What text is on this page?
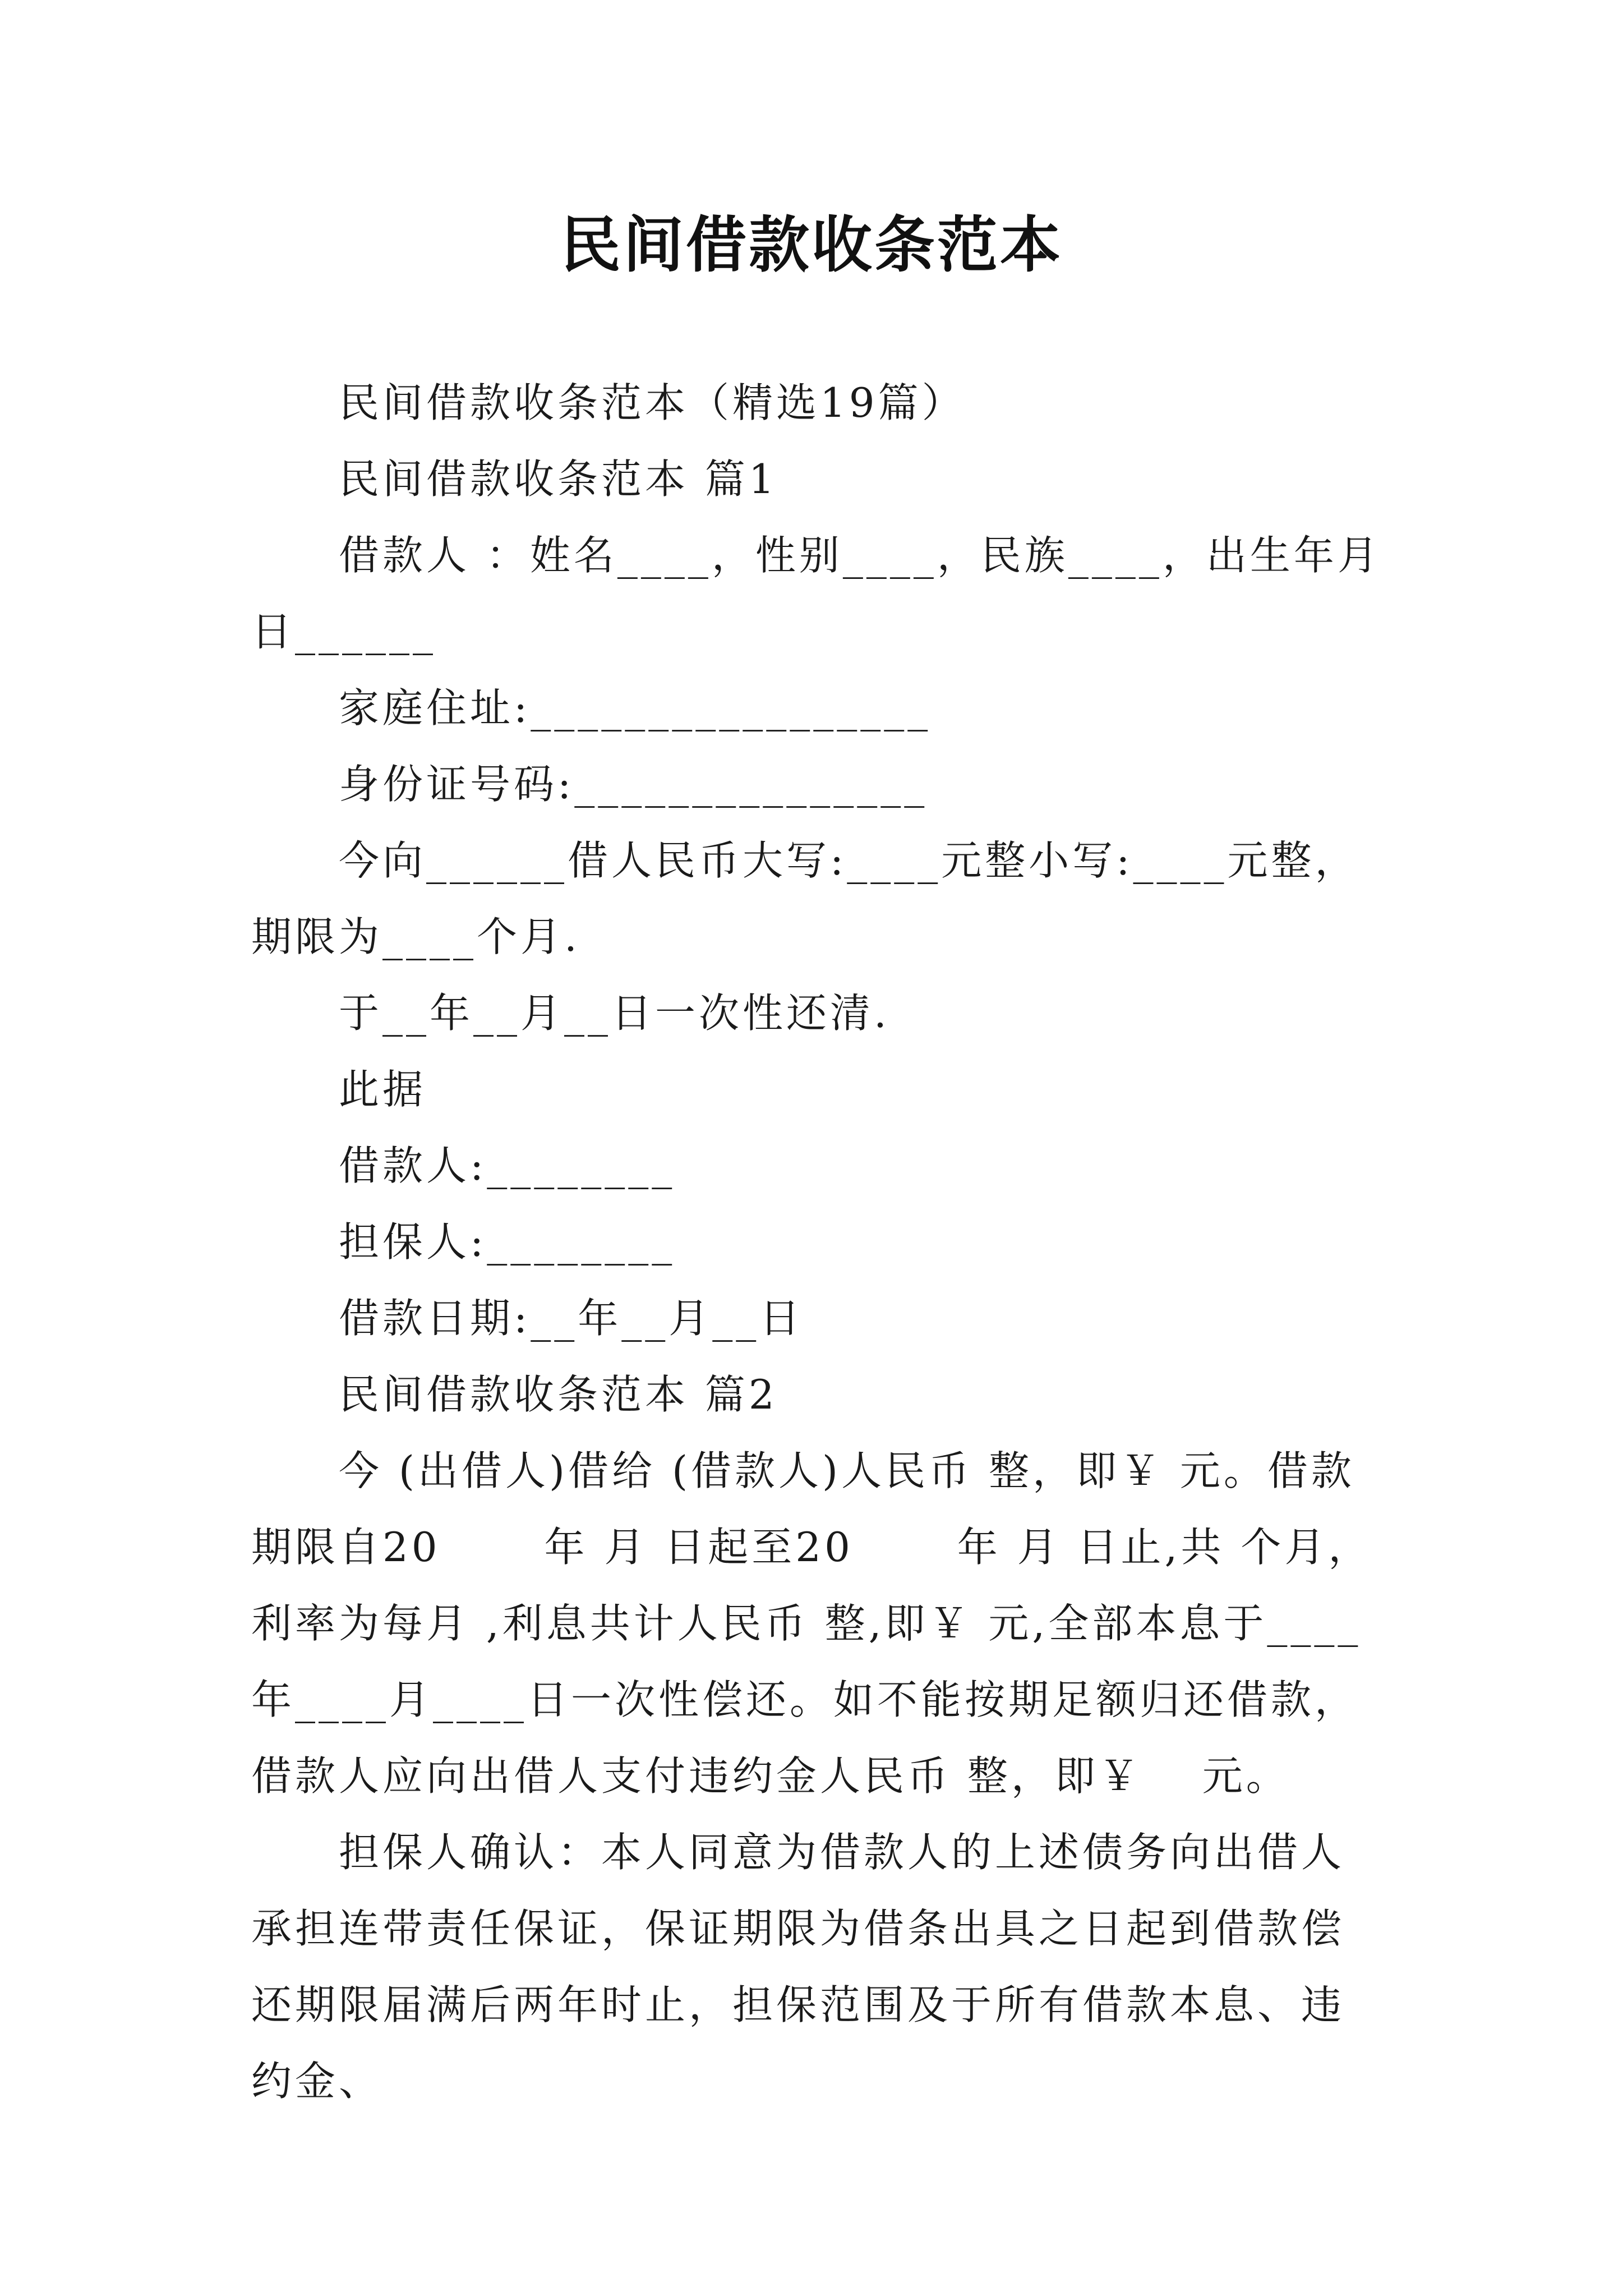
民间借款收条范本

民间借款收条范本（精选19篇）

民间借款收条范本 篇1

借款人 ：姓名____，性别____，民族____，出生年月日______

家庭住址:_________________

身份证号码:_______________

今向______借人民币大写:____元整小写:____元整，期限为____个月.

于__年__月__日一次性还清.

此据

借款人:________

担保人:________

借款日期:__年__月__日

民间借款收条范本 篇2

今 (出借人)借给 (借款人)人民币 整，即￥ 元。借款期限自20　　 年 月 日起至20　　 年 月 日止,共 个月，利率为每月 ,利息共计人民币 整,即￥ 元,全部本息于____年____月____日一次性偿还。如不能按期足额归还借款，借款人应向出借人支付违约金人民币 整，即￥　 元。

担保人确认：本人同意为借款人的上述债务向出借人承担连带责任保证，保证期限为借条出具之日起到借款偿还期限届满后两年时止，担保范围及于所有借款本息、违约金、
